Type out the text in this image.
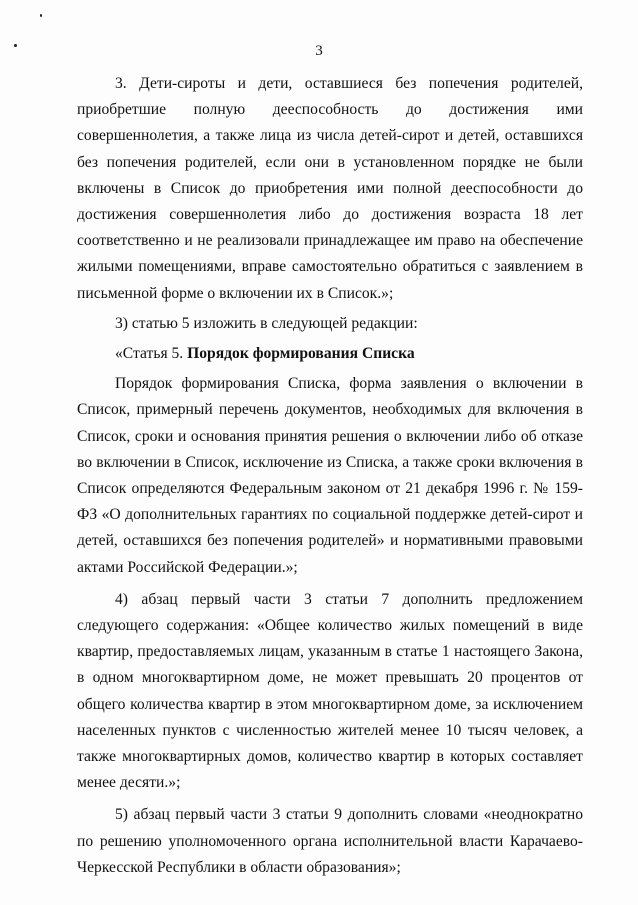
3

3. Дети-сироты и дети, оставшиеся без попечения родителей, приобретшие полную дееспособность до достижения ими совершеннолетия, а также лица из числа детей-сирот и детей, оставшихся без попечения родителей, если они в установленном порядке не были включены в Список до приобретения ими полной дееспособности до достижения совершеннолетия либо до достижения возраста 18 лет соответственно и не реализовали принадлежащее им право на обеспечение жилыми помещениями, вправе самостоятельно обратиться с заявлением в письменной форме о включении их в Список.»;

3) статью 5 изложить в следующей редакции:

«Статья 5. Порядок формирования Списка

Порядок формирования Списка, форма заявления о включении в Список, примерный перечень документов, необходимых для включения в Список, сроки и основания принятия решения о включении либо об отказе во включении в Список, исключение из Списка, а также сроки включения в Список определяются Федеральным законом от 21 декабря 1996 г. № 159-ФЗ «О дополнительных гарантиях по социальной поддержке детей-сирот и детей, оставшихся без попечения родителей» и нормативными правовыми актами Российской Федерации.»;

4) абзац первый части 3 статьи 7 дополнить предложением следующего содержания: «Общее количество жилых помещений в виде квартир, предоставляемых лицам, указанным в статье 1 настоящего Закона, в одном многоквартирном доме, не может превышать 20 процентов от общего количества квартир в этом многоквартирном доме, за исключением населенных пунктов с численностью жителей менее 10 тысяч человек, а также многоквартирных домов, количество квартир в которых составляет менее десяти.»;

5) абзац первый части 3 статьи 9 дополнить словами «неоднократно по решению уполномоченного органа исполнительной власти Карачаево-Черкесской Республики в области образования»;
